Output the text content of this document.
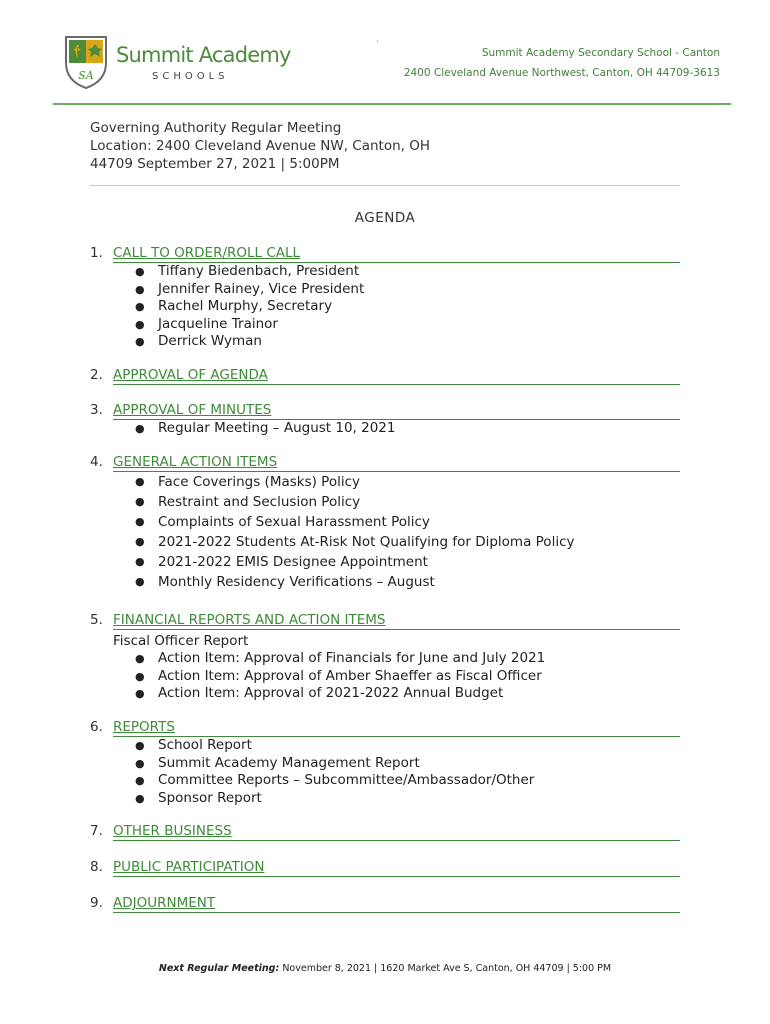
SA
Summit Academy
SCHOOLS
`
Summit Academy Secondary School - Canton
2400 Cleveland Avenue Northwest, Canton, OH 44709-3613
Governing Authority Regular Meeting
Location: 2400 Cleveland Avenue NW, Canton, OH
44709 September 27, 2021 | 5:00PM
AGENDA
1. CALL TO ORDER/ROLL CALL
● Tiffany Biedenbach, President
● Jennifer Rainey, Vice President
● Rachel Murphy, Secretary
● Jacqueline Trainor
● Derrick Wyman
2. APPROVAL OF AGENDA
3. APPROVAL OF MINUTES
● Regular Meeting – August 10, 2021
4. GENERAL ACTION ITEMS
● Face Coverings (Masks) Policy
● Restraint and Seclusion Policy
● Complaints of Sexual Harassment Policy
● 2021-2022 Students At-Risk Not Qualifying for Diploma Policy
● 2021-2022 EMIS Designee Appointment
● Monthly Residency Verifications – August
5. FINANCIAL REPORTS AND ACTION ITEMS
Fiscal Officer Report
● Action Item: Approval of Financials for June and July 2021
● Action Item: Approval of Amber Shaeffer as Fiscal Officer
● Action Item: Approval of 2021-2022 Annual Budget
6. REPORTS
● School Report
● Summit Academy Management Report
● Committee Reports – Subcommittee/Ambassador/Other
● Sponsor Report
7. OTHER BUSINESS
8. PUBLIC PARTICIPATION
9. ADJOURNMENT
Next Regular Meeting: November 8, 2021 | 1620 Market Ave S, Canton, OH 44709 | 5:00 PM
